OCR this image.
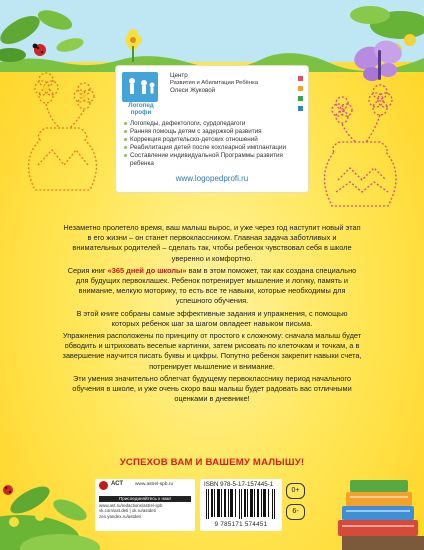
Логопед профи
Центр
Развития и Абилитации Ребёнка
Олеси Жуковой
Логопеды, дефектологи, сурдопедагоги
Ранняя помощь детям с задержкой развития
Коррекция родительско-детских отношений
Реабилитация детей после кохлеарной имплантации
Составление индивидуальной Программы развития ребенка
www.logopedprofi.ru

Незаметно пролетело время, ваш малыш вырос, и уже через год наступит новый этап в его жизни – он станет первоклассником. Главная задача заботливых и внимательных родителей – сделать так, чтобы ребенок чувствовал себя в школе уверенно и комфортно.

Серия книг «365 дней до школы» вам в этом поможет, так как создана специально для будущих первоклашек. Ребенок потренирует мышление и логику, память и внимание, мелкую моторику, то есть все те навыки, которые необходимы для успешного обучения.

В этой книге собраны самые эффективные задания и упражнения, с помощью которых ребенок шаг за шагом овладеет навыком письма.

Упражнения расположены по принципу от простого к сложному: сначала малыш будет обводить и штриховать веселые картинки, затем рисовать по клеточкам и точкам, а в завершение научится писать буквы и цифры. Попутно ребенок закрепит навыки счета, потренирует мышление и внимание.

Эти умения значительно облегчат будущему первокласснику период начального обучения в школе, и уже очень скоро ваш малыш будет радовать вас отличными оценками в дневнике!

УСПЕХОВ ВАМ И ВАШЕМУ МАЛЫШУ!
АСТ www.astrel-spb.ru
Присоединяйтесь к нам!
www.ast.ru/redactions/astrel-spb
vk.com/ast.deti | ok.ru/astdeti
zen.yandex.ru/astdeti
ISBN 978-5-17-157445-1
9 785171 574451
0+
6-
